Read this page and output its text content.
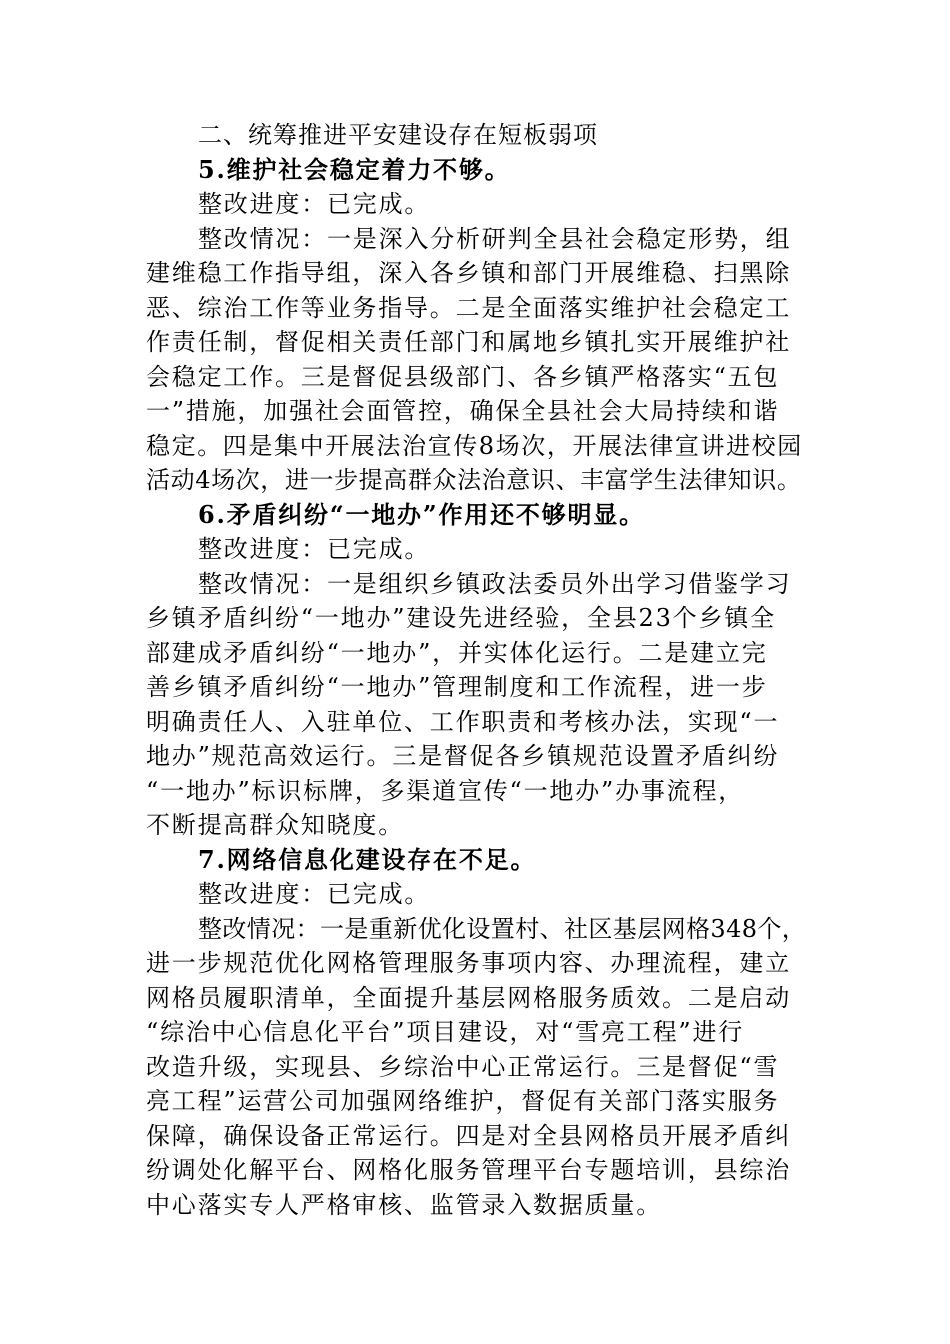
二、统筹推进平安建设存在短板弱项
5.维护社会稳定着力不够。
整改进度：已完成。
整改情况：一是深入分析研判全县社会稳定形势，组
建维稳工作指导组，深入各乡镇和部门开展维稳、扫黑除
恶、综治工作等业务指导。二是全面落实维护社会稳定工
作责任制，督促相关责任部门和属地乡镇扎实开展维护社
会稳定工作。三是督促县级部门、各乡镇严格落实“五包
一”措施，加强社会面管控，确保全县社会大局持续和谐
稳定。四是集中开展法治宣传8场次，开展法律宣讲进校园
活动4场次，进一步提高群众法治意识、丰富学生法律知识。
6.矛盾纠纷“一地办”作用还不够明显。
整改进度：已完成。
整改情况：一是组织乡镇政法委员外出学习借鉴学习
乡镇矛盾纠纷“一地办”建设先进经验，全县23个乡镇全
部建成矛盾纠纷“一地办”，并实体化运行。二是建立完
善乡镇矛盾纠纷“一地办”管理制度和工作流程，进一步
明确责任人、入驻单位、工作职责和考核办法，实现“一
地办”规范高效运行。三是督促各乡镇规范设置矛盾纠纷
“一地办”标识标牌，多渠道宣传“一地办”办事流程，
不断提高群众知晓度。
7.网络信息化建设存在不足。
整改进度：已完成。
整改情况：一是重新优化设置村、社区基层网格348个，
进一步规范优化网格管理服务事项内容、办理流程，建立
网格员履职清单，全面提升基层网格服务质效。二是启动
“综治中心信息化平台”项目建设，对“雪亮工程”进行
改造升级，实现县、乡综治中心正常运行。三是督促“雪
亮工程”运营公司加强网络维护，督促有关部门落实服务
保障，确保设备正常运行。四是对全县网格员开展矛盾纠
纷调处化解平台、网格化服务管理平台专题培训，县综治
中心落实专人严格审核、监管录入数据质量。
